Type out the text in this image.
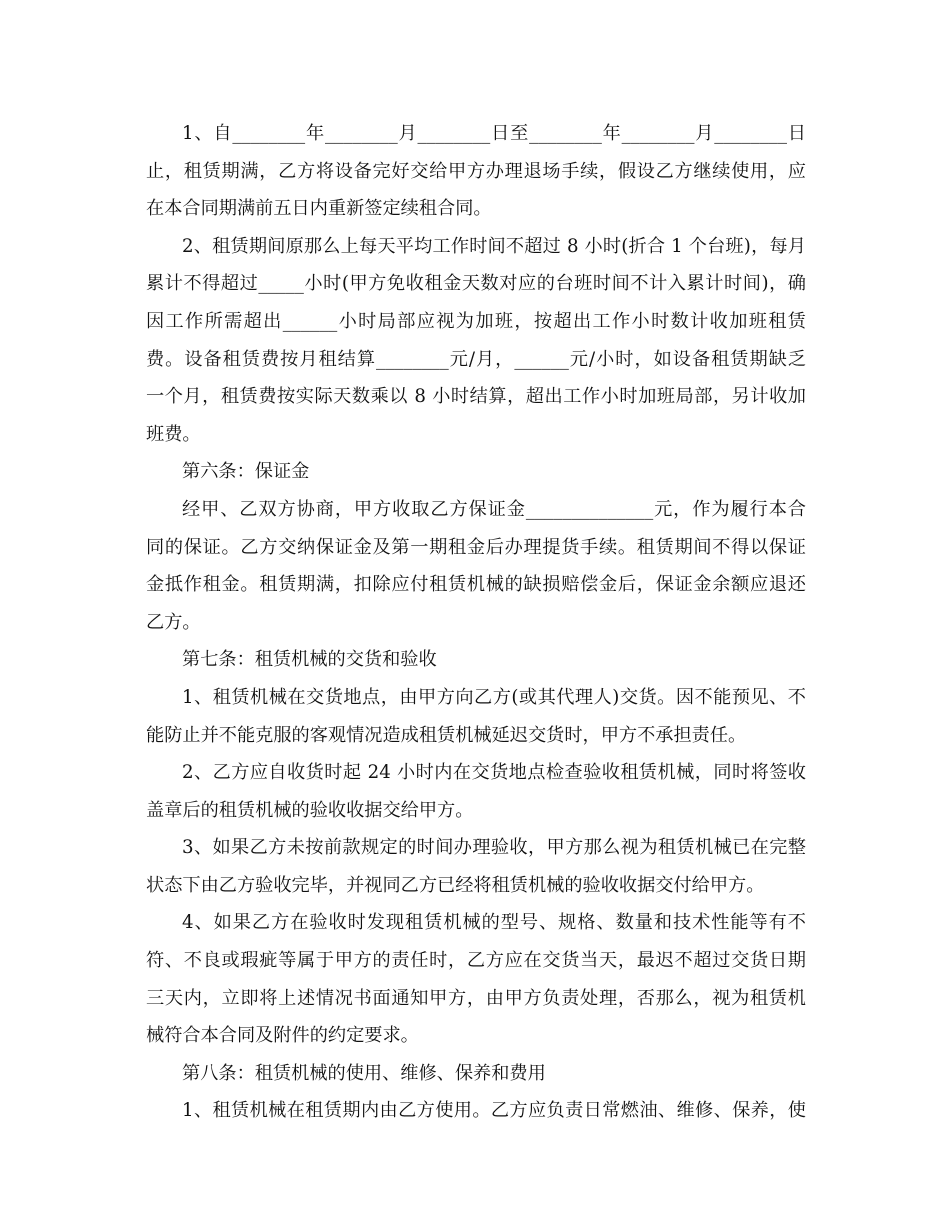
1、自________年________月________日至________年________月________日
止，租赁期满，乙方将设备完好交给甲方办理退场手续，假设乙方继续使用，应
在本合同期满前五日内重新签定续租合同。
2、租赁期间原那么上每天平均工作时间不超过 8 小时(折合 1 个台班)，每月
累计不得超过_____小时(甲方免收租金天数对应的台班时间不计入累计时间)，确
因工作所需超出______小时局部应视为加班，按超出工作小时数计收加班租赁
费。设备租赁费按月租结算________元/月，______元/小时，如设备租赁期缺乏
一个月，租赁费按实际天数乘以 8 小时结算，超出工作小时加班局部，另计收加
班费。
第六条：保证金
经甲、乙双方协商，甲方收取乙方保证金______________元，作为履行本合
同的保证。乙方交纳保证金及第一期租金后办理提货手续。租赁期间不得以保证
金抵作租金。租赁期满，扣除应付租赁机械的缺损赔偿金后，保证金余额应退还
乙方。
第七条：租赁机械的交货和验收
1、租赁机械在交货地点，由甲方向乙方(或其代理人)交货。因不能预见、不
能防止并不能克服的客观情况造成租赁机械延迟交货时，甲方不承担责任。
2、乙方应自收货时起 24 小时内在交货地点检查验收租赁机械，同时将签收
盖章后的租赁机械的验收收据交给甲方。
3、如果乙方未按前款规定的时间办理验收，甲方那么视为租赁机械已在完整
状态下由乙方验收完毕，并视同乙方已经将租赁机械的验收收据交付给甲方。
4、如果乙方在验收时发现租赁机械的型号、规格、数量和技术性能等有不
符、不良或瑕疵等属于甲方的责任时，乙方应在交货当天，最迟不超过交货日期
三天内，立即将上述情况书面通知甲方，由甲方负责处理，否那么，视为租赁机
械符合本合同及附件的约定要求。
第八条：租赁机械的使用、维修、保养和费用
1、租赁机械在租赁期内由乙方使用。乙方应负责日常燃油、维修、保养，使
